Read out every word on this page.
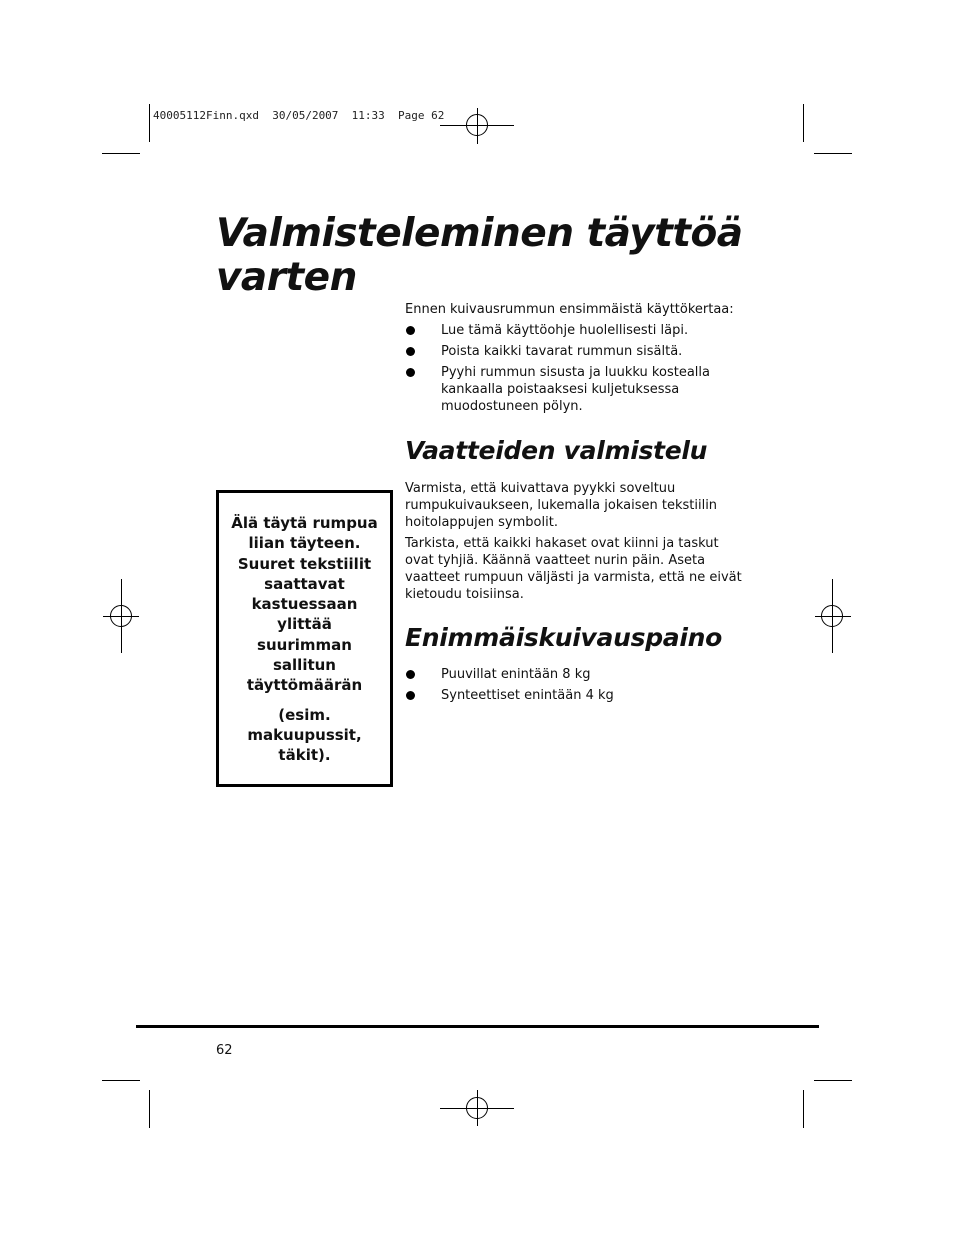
40005112Finn.qxd  30/05/2007  11:33  Page 62
Valmisteleminen täyttöä varten

Ennen kuivausrummun ensimmäistä käyttökertaa:

Lue tämä käyttöohje huolellisesti läpi.
Poista kaikki tavarat rummun sisältä.
Pyyhi rummun sisusta ja luukku kostealla kankaalla poistaaksesi kuljetuksessa muodostuneen pölyn.
Vaatteiden valmistelu

Varmista, että kuivattava pyykki soveltuu rumpukuivaukseen, lukemalla jokaisen tekstiilin hoitolappujen symbolit.

Tarkista, että kaikki hakaset ovat kiinni ja taskut ovat tyhjiä. Käännä vaatteet nurin päin. Aseta vaatteet rumpuun väljästi ja varmista, että ne eivät kietoudu toisiinsa.

Enimmäiskuivauspaino
Puuvillat enintään 8 kg
Synteettiset enintään 4 kg

Älä täytä rumpua liian täyteen. Suuret tekstiilit saattavat kastuessaan ylittää suurimman sallitun täyttömäärän

(esim. makuupussit, täkit).

62
